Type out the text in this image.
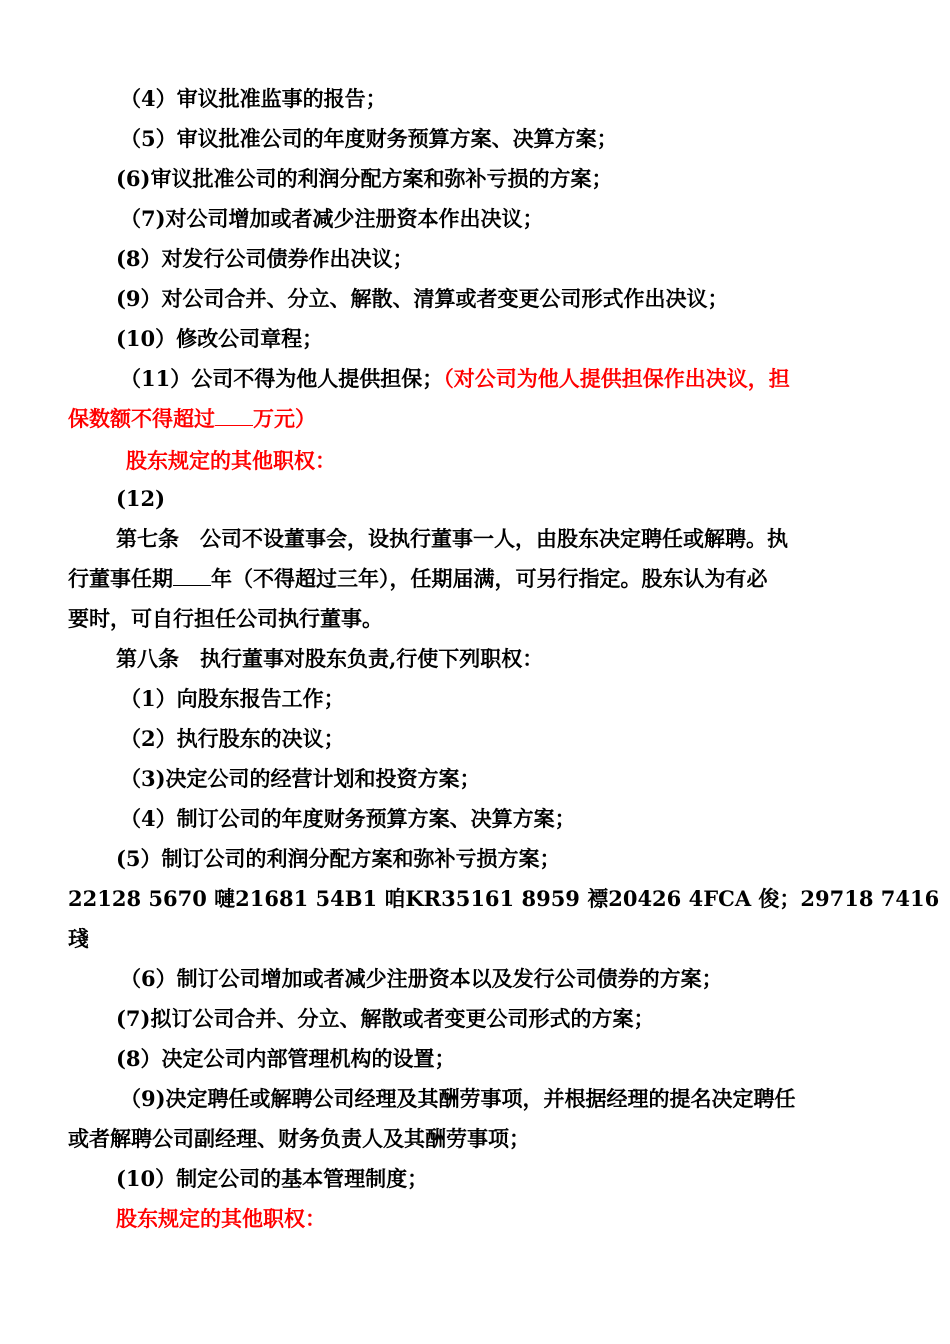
（4）审议批准监事的报告；
（5）审议批准公司的年度财务预算方案、决算方案；
(6)审议批准公司的利润分配方案和弥补亏损的方案；
（7)对公司增加或者减少注册资本作出决议；
(8）对发行公司债券作出决议；
(9）对公司合并、分立、解散、清算或者变更公司形式作出决议；
(10）修改公司章程；
（11）公司不得为他人提供担保；（对公司为他人提供担保作出决议，担
保数额不得超过 万元）
股东规定的其他职权：
(12)
第七条　公司不设董事会，设执行董事一人，由股东决定聘任或解聘。执
行董事任期 年（不得超过三年），任期届满，可另行指定。股东认为有必
要时，可自行担任公司执行董事。
第八条　执行董事对股东负责,行使下列职权：
（1）向股东报告工作；
（2）执行股东的决议；
（3)决定公司的经营计划和投资方案；
（4）制订公司的年度财务预算方案、决算方案；
(5）制订公司的利润分配方案和弥补亏损方案；
22128 5670 嗹21681 54B1 咱KR35161 8959 褾20426 4FCA 俊；29718 7416
琖
（6）制订公司增加或者减少注册资本以及发行公司债券的方案；
(7)拟订公司合并、分立、解散或者变更公司形式的方案；
(8）决定公司内部管理机构的设置；
（9)决定聘任或解聘公司经理及其酬劳事项，并根据经理的提名决定聘任
或者解聘公司副经理、财务负责人及其酬劳事项；
(10）制定公司的基本管理制度；
股东规定的其他职权：
